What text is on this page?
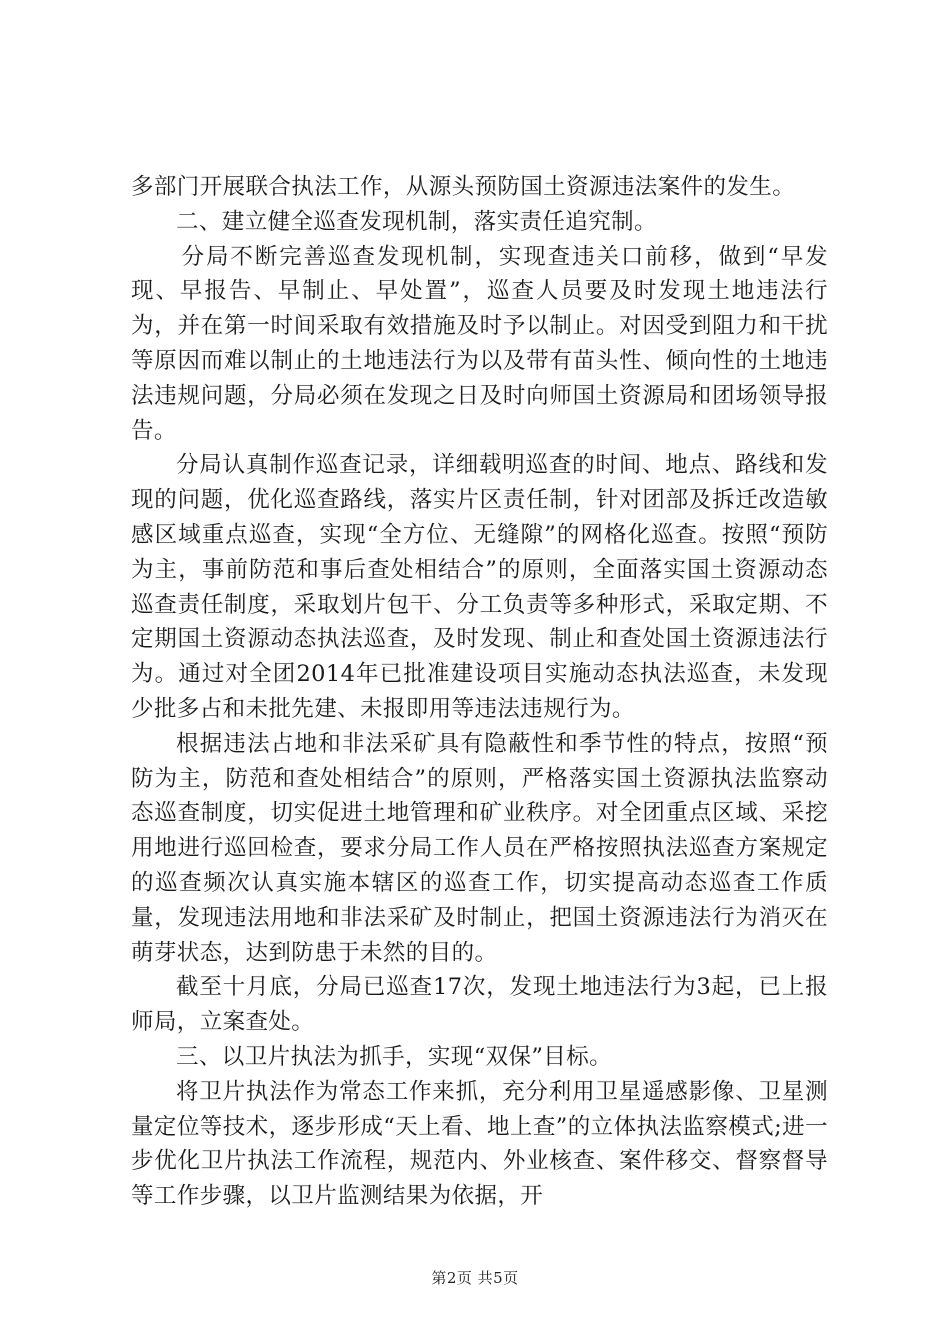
多部门开展联合执法工作，从源头预防国土资源违法案件的发生。

二、建立健全巡查发现机制，落实责任追究制。

分局不断完善巡查发现机制，实现查违关口前移，做到“早发现、早报告、早制止、早处置”，巡查人员要及时发现土地违法行为，并在第一时间采取有效措施及时予以制止。对因受到阻力和干扰等原因而难以制止的土地违法行为以及带有苗头性、倾向性的土地违法违规问题，分局必须在发现之日及时向师国土资源局和团场领导报告。

分局认真制作巡查记录，详细载明巡查的时间、地点、路线和发现的问题，优化巡查路线，落实片区责任制，针对团部及拆迁改造敏感区域重点巡查，实现“全方位、无缝隙”的网格化巡查。按照“预防为主，事前防范和事后查处相结合”的原则，全面落实国土资源动态巡查责任制度，采取划片包干、分工负责等多种形式，采取定期、不定期国土资源动态执法巡查，及时发现、制止和查处国土资源违法行为。通过对全团2014年已批准建设项目实施动态执法巡查，未发现少批多占和未批先建、未报即用等违法违规行为。

根据违法占地和非法采矿具有隐蔽性和季节性的特点，按照“预防为主，防范和查处相结合”的原则，严格落实国土资源执法监察动态巡查制度，切实促进土地管理和矿业秩序。对全团重点区域、采挖用地进行巡回检查，要求分局工作人员在严格按照执法巡查方案规定的巡查频次认真实施本辖区的巡查工作，切实提高动态巡查工作质量，发现违法用地和非法采矿及时制止，把国土资源违法行为消灭在萌芽状态，达到防患于未然的目的。

截至十月底，分局已巡查17次，发现土地违法行为3起，已上报师局，立案查处。

三、以卫片执法为抓手，实现“双保”目标。

将卫片执法作为常态工作来抓，充分利用卫星遥感影像、卫星测量定位等技术，逐步形成“天上看、地上查”的立体执法监察模式;进一步优化卫片执法工作流程，规范内、外业核查、案件移交、督察督导等工作步骤，以卫片监测结果为依据，开

第2页 共5页
